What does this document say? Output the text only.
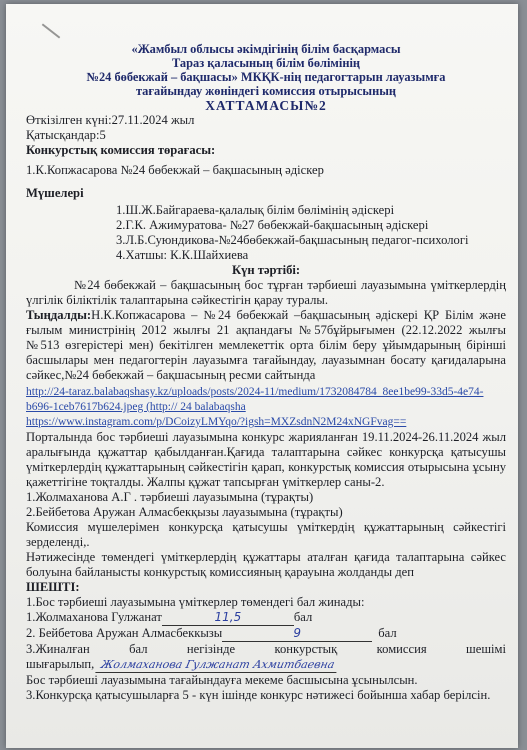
«Жамбыл облысы әкімдігінің білім басқармасы
Тараз қаласының білім бөлімінің
№24 бөбекжай – бақшасы» МКҚК-нің педагогтарын лауазымға
тағайындау жөніндегі комиссия отырысының
ХАТТАМАСЫ№2
Өткізілген күні:27.11.2024 жыл
Қатысқандар:5
Конкурстық комиссия төрағасы:
1.К.Копжасарова №24 бөбекжай – бақшасының әдіскер
Мүшелері
1.Ш.Ж.Байгараева-қалалық білім бөлімінің әдіскері
2.Г.К. Ажимуратова- №27 бөбекжай-бақшасының әдіскері
3.Л.Б.Суюндикова-№24бөбекжай-бақшасының педагог-психологі
4.Хатшы: К.К.Шайхиева
Күн тәртібі:
№24 бөбекжай – бақшасының бос тұрған тәрбиеші лауазымына үміткерлердің үлгілік біліктілік талаптарына сәйкестігін қарау туралы.
Тыңдалды:Н.К.Копжасарова – №24 бөбекжай –бақшасының әдіскері ҚР Білім және ғылым министрінің 2012 жылғы 21 ақпандағы №57бұйрығымен (22.12.2022 жылғы №513 өзгерістері мен) бекітілген мемлекеттік орта білім беру ұйымдарының бірінші басшылары мен педагогтерін лауазымға тағайындау, лауазымнан босату қағидаларына сәйкес,№24 бөбекжай – бақшасының ресми сайтында
http://24-taraz.balabaqshasy.kz/uploads/posts/2024-11/medium/1732084784_8ee1be99-33d5-4e74-b696-1ceb7617b624.jpeg (http:// 24 balabaqsha
https://www.instagram.com/p/DCoizyLMYqo/?igsh=MXZsdnN2M24xNGFvag==
Порталында бос тәрбиеші лауазымына конкурс жарияланған 19.11.2024-26.11.2024 жыл аралығында құжаттар қабылданған.Қағида талаптарына сәйкес конкурсқа қатысушы үміткерлердің құжаттарының сәйкестігін қарап, конкурстық комиссия отырысына ұсыну қажеттігіне тоқталды. Жалпы құжат тапсырған үміткерлер саны-2.
1.Жолмаханова А.Г . тәрбиеші лауазымына (тұрақты)
2.Бейбетова Аружан Алмасбекқызы лауазымына (тұрақты)
Комиссия мүшелерімен конкурсқа қатысушы үміткердің құжаттарының сәйкестігі зерделенді,.
Нәтижесінде төмендегі үміткерлердің құжаттары аталған қағида талаптарына сәйкес болуына байланысты конкурстық комиссияның қарауына жолданды деп
ШЕШТІ:
1.Бос тәрбиеші лауазымына үміткерлер төмендегі бал жинады:
1.Жолмаханова Гулжанат	11,5	бал
2. Бейбетова Аружан Алмасбеккызы	9	бал
3.Жиналған бал негізінде конкурстық комиссия шешімі
шығарылып, Жолмаханова Гулжанат Ахмитбаевна
Бос тәрбиеші лауазымына тағайындауға мекеме басшысына ұсынылсын.
3.Конкурсқа қатысушыларға 5 - күн ішінде конкурс нәтижесі бойынша хабар берілсін.
